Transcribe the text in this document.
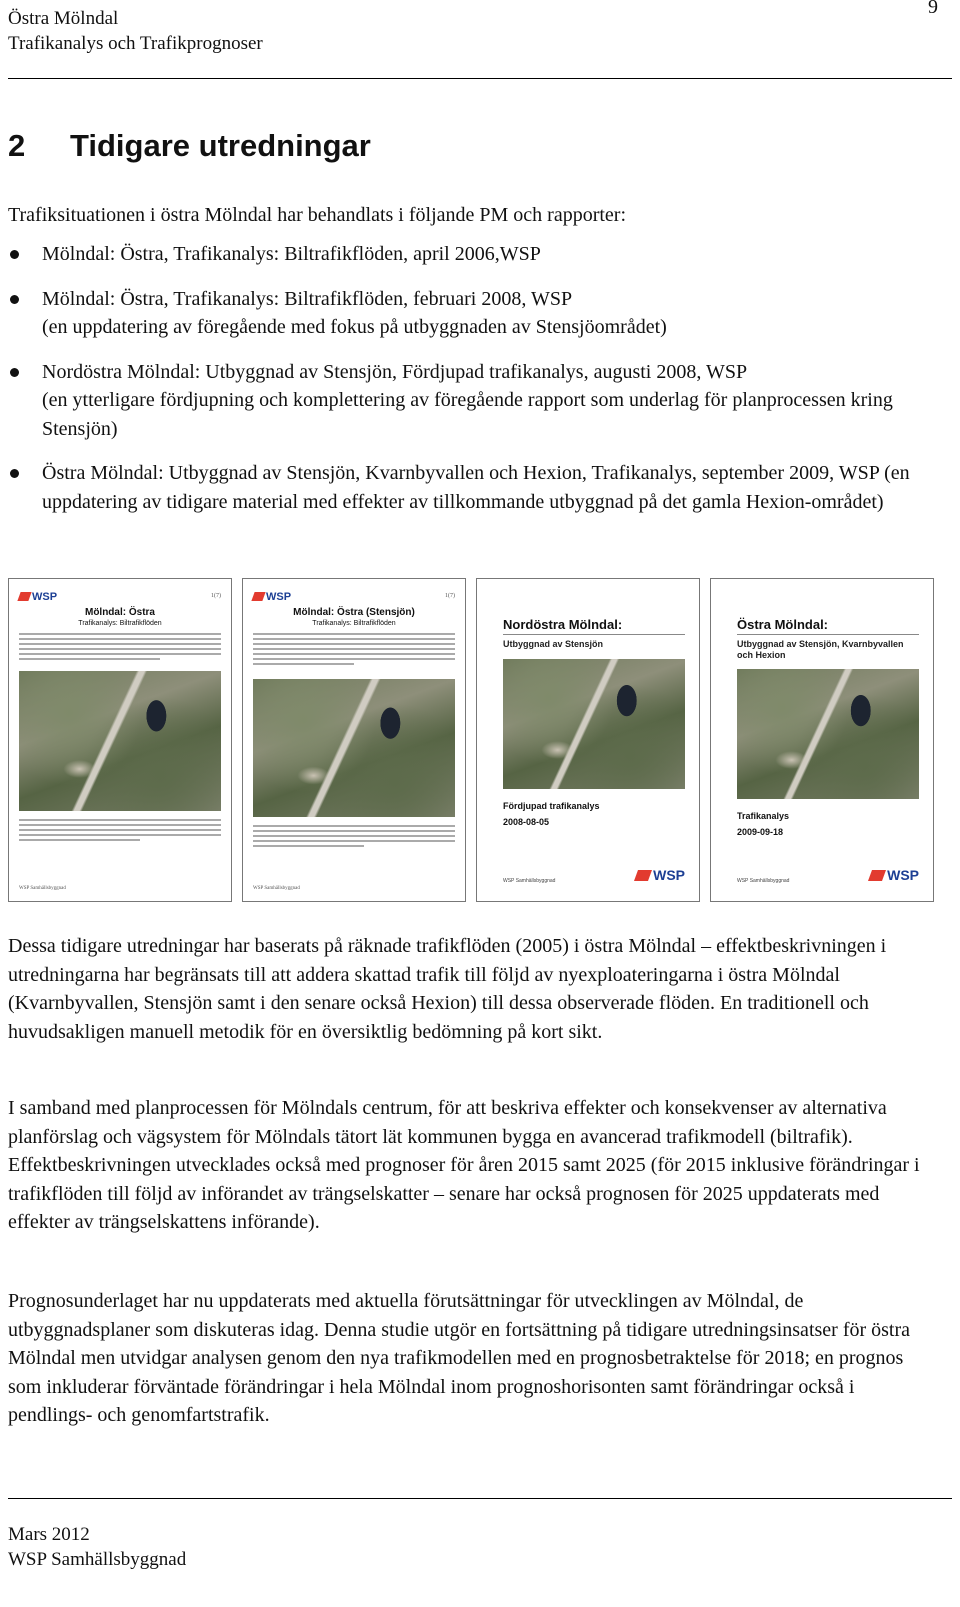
Östra Mölndal
Trafikanalys och Trafikprognoser
9
2 Tidigare utredningar
Trafiksituationen i östra Mölndal har behandlats i följande PM och rapporter:
Mölndal: Östra, Trafikanalys: Biltrafikflöden, april 2006,WSP
Mölndal: Östra, Trafikanalys: Biltrafikflöden, februari 2008, WSP
(en uppdatering av föregående med fokus på utbyggnaden av Stensjöområdet)
Nordöstra Mölndal: Utbyggnad av Stensjön, Fördjupad trafikanalys, augusti 2008, WSP
(en ytterligare fördjupning och komplettering av föregående rapport som underlag för planprocessen kring Stensjön)
Östra Mölndal: Utbyggnad av Stensjön, Kvarnbyvallen och Hexion, Trafikanalys, september 2009, WSP (en uppdatering av tidigare material med effekter av tillkommande utbyggnad på det gamla Hexion-området)
WSP	1(7)
Mölndal: Östra
Trafikanalys: Biltrafikflöden
WSP Samhällsbyggnad
WSP	1(7)
Mölndal: Östra (Stensjön)
Trafikanalys: Biltrafikflöden
WSP Samhällsbyggnad
Nordöstra Mölndal:
Utbyggnad av Stensjön
Fördjupad trafikanalys
2008-08-05
WSP Samhällsbyggnad	WSP
Östra Mölndal:
Utbyggnad av Stensjön, Kvarnbyvallen och Hexion
Trafikanalys
2009-09-18
WSP Samhällsbyggnad	WSP

Dessa tidigare utredningar har baserats på räknade trafikflöden (2005) i östra Mölndal – effektbeskrivningen i utredningarna har begränsats till att addera skattad trafik till följd av nyexploateringarna i östra Mölndal (Kvarnbyvallen, Stensjön samt i den senare också Hexion) till dessa observerade flöden. En traditionell och huvudsakligen manuell metodik för en översiktlig bedömning på kort sikt.

I samband med planprocessen för Mölndals centrum, för att beskriva effekter och konsekvenser av alternativa planförslag och vägsystem för Mölndals tätort lät kommunen bygga en avancerad trafikmodell (biltrafik). Effektbeskrivningen utvecklades också med prognoser för åren 2015 samt 2025 (för 2015 inklusive förändringar i trafikflöden till följd av införandet av trängselskatter – senare har också prognosen för 2025 uppdaterats med effekter av trängselskattens införande).

Prognosunderlaget har nu uppdaterats med aktuella förutsättningar för utvecklingen av Mölndal, de utbyggnadsplaner som diskuteras idag. Denna studie utgör en fortsättning på tidigare utredningsinsatser för östra Mölndal men utvidgar analysen genom den nya trafikmodellen med en prognosbetraktelse för 2018; en prognos som inkluderar förväntade förändringar i hela Mölndal inom prognoshorisonten samt förändringar också i pendlings- och genomfartstrafik.

Mars 2012
WSP Samhällsbyggnad
